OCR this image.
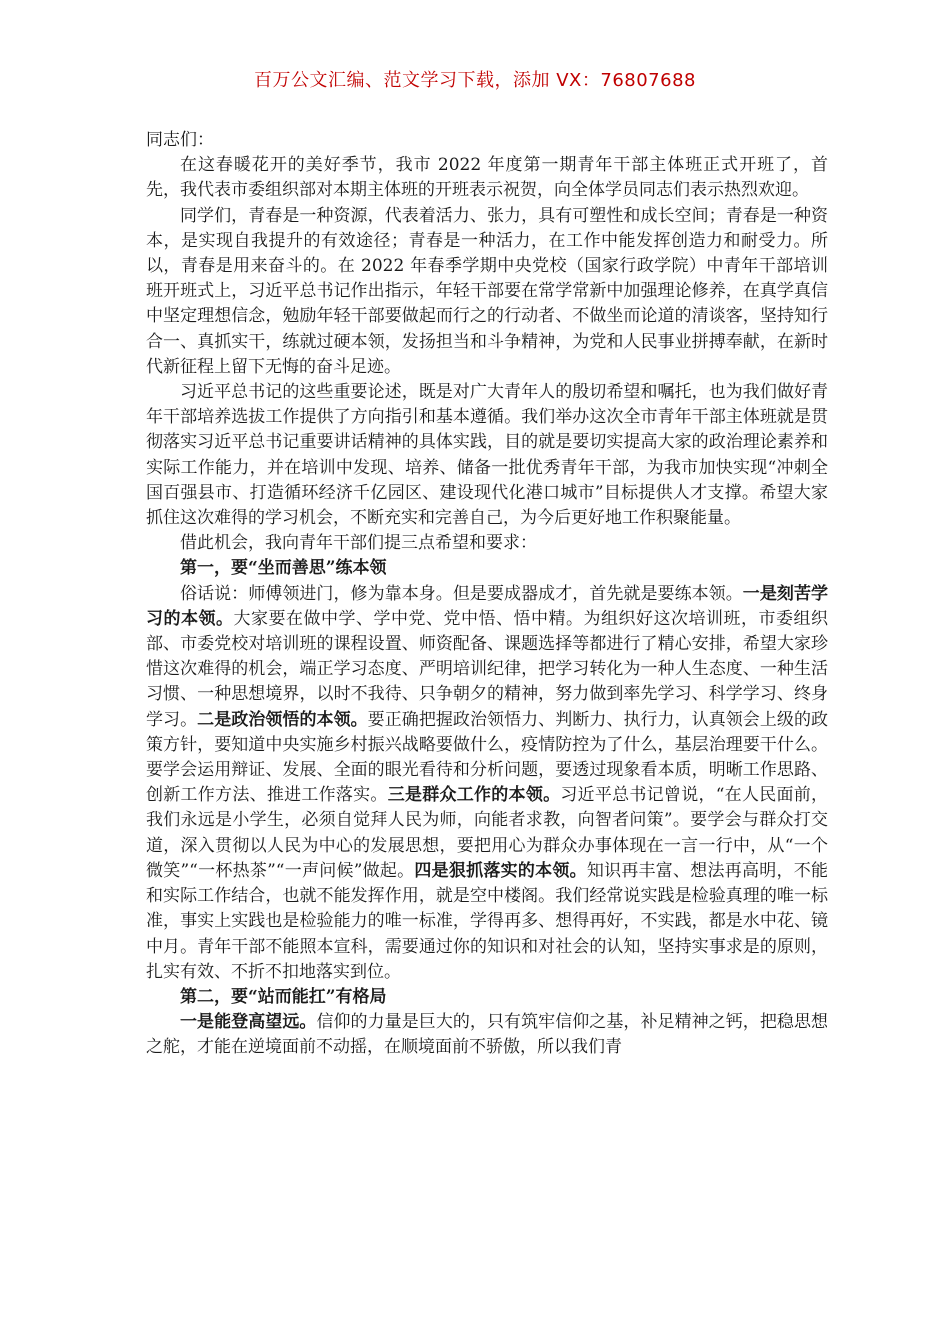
百万公文汇编、范文学习下载，添加 VX：76807688

同志们：

在这春暖花开的美好季节，我市 2022 年度第一期青年干部主体班正式开班了，首先，我代表市委组织部对本期主体班的开班表示祝贺，向全体学员同志们表示热烈欢迎。

同学们，青春是一种资源，代表着活力、张力，具有可塑性和成长空间；青春是一种资本，是实现自我提升的有效途径；青春是一种活力，在工作中能发挥创造力和耐受力。所以，青春是用来奋斗的。在 2022 年春季学期中央党校（国家行政学院）中青年干部培训班开班式上，习近平总书记作出指示，年轻干部要在常学常新中加强理论修养，在真学真信中坚定理想信念，勉励年轻干部要做起而行之的行动者、不做坐而论道的清谈客，坚持知行合一、真抓实干，练就过硬本领，发扬担当和斗争精神，为党和人民事业拼搏奉献，在新时代新征程上留下无悔的奋斗足迹。

习近平总书记的这些重要论述，既是对广大青年人的殷切希望和嘱托，也为我们做好青年干部培养选拔工作提供了方向指引和基本遵循。我们举办这次全市青年干部主体班就是贯彻落实习近平总书记重要讲话精神的具体实践，目的就是要切实提高大家的政治理论素养和实际工作能力，并在培训中发现、培养、储备一批优秀青年干部，为我市加快实现“冲刺全国百强县市、打造循环经济千亿园区、建设现代化港口城市”目标提供人才支撑。希望大家抓住这次难得的学习机会，不断充实和完善自己，为今后更好地工作积聚能量。

借此机会，我向青年干部们提三点希望和要求：

第一，要“坐而善思”练本领

俗话说：师傅领进门，修为靠本身。但是要成器成才，首先就是要练本领。一是刻苦学习的本领。大家要在做中学、学中党、党中悟、悟中精。为组织好这次培训班，市委组织部、市委党校对培训班的课程设置、师资配备、课题选择等都进行了精心安排，希望大家珍惜这次难得的机会，端正学习态度、严明培训纪律，把学习转化为一种人生态度、一种生活习惯、一种思想境界，以时不我待、只争朝夕的精神，努力做到率先学习、科学学习、终身学习。二是政治领悟的本领。要正确把握政治领悟力、判断力、执行力，认真领会上级的政策方针，要知道中央实施乡村振兴战略要做什么，疫情防控为了什么，基层治理要干什么。要学会运用辩证、发展、全面的眼光看待和分析问题，要透过现象看本质，明晰工作思路、创新工作方法、推进工作落实。三是群众工作的本领。习近平总书记曾说，“在人民面前，我们永远是小学生，必须自觉拜人民为师，向能者求教，向智者问策”。要学会与群众打交道，深入贯彻以人民为中心的发展思想，要把用心为群众办事体现在一言一行中，从“一个微笑”“一杯热茶”“一声问候”做起。四是狠抓落实的本领。知识再丰富、想法再高明，不能和实际工作结合，也就不能发挥作用，就是空中楼阁。我们经常说实践是检验真理的唯一标准，事实上实践也是检验能力的唯一标准，学得再多、想得再好，不实践，都是水中花、镜中月。青年干部不能照本宣科，需要通过你的知识和对社会的认知，坚持实事求是的原则，扎实有效、不折不扣地落实到位。

第二，要“站而能扛”有格局

一是能登高望远。信仰的力量是巨大的，只有筑牢信仰之基，补足精神之钙，把稳思想之舵，才能在逆境面前不动摇，在顺境面前不骄傲，所以我们青
